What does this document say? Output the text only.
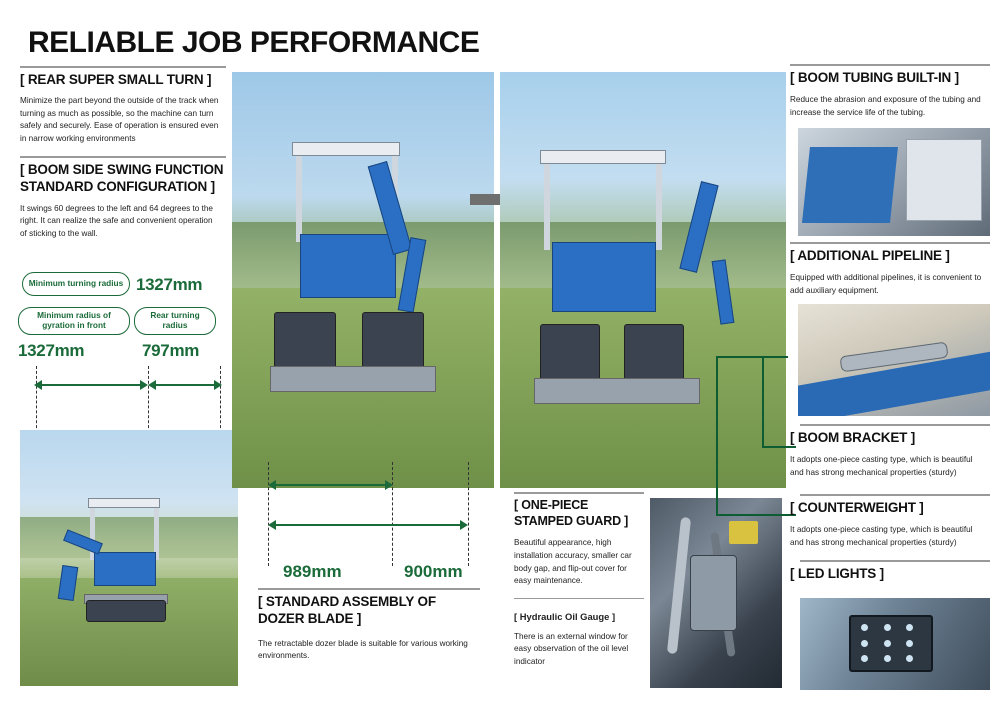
RELIABLE JOB PERFORMANCE
[ REAR SUPER SMALL TURN ]
Minimize the part beyond the outside of the track when turning as much as possible, so the machine can turn safely and securely. Ease of operation is ensured even in narrow working environments
[ BOOM SIDE SWING FUNCTION STANDARD CONFIGURATION ]
It swings 60 degrees to the left and 64 degrees to the right. It can realize the safe and convenient operation of sticking to the wall.
Minimum turning radius 1327mm
Minimum radius of gyration in front
Rear turning radius
1327mm	797mm
989mm	900mm
[ STANDARD ASSEMBLY OF DOZER BLADE ]
The retractable dozer blade is suitable for various working environments.
[ ONE-PIECE STAMPED GUARD ]
Beautiful appearance, high installation accuracy, smaller car body gap, and flip-out cover for easy maintenance.
[ Hydraulic Oil Gauge ]
There is an external window for easy observation of the oil level indicator
[ BOOM TUBING BUILT-IN ]
Reduce the abrasion and exposure of the tubing and increase the service life of the tubing.
[ ADDITIONAL PIPELINE ]
Equipped with additional pipelines, it is convenient to add auxiliary equipment.
[ BOOM BRACKET ]
It adopts one-piece casting type, which is beautiful and has strong mechanical properties (sturdy)
[ COUNTERWEIGHT ]
It adopts one-piece casting type, which is beautiful and has strong mechanical properties (sturdy)
[ LED LIGHTS ]
